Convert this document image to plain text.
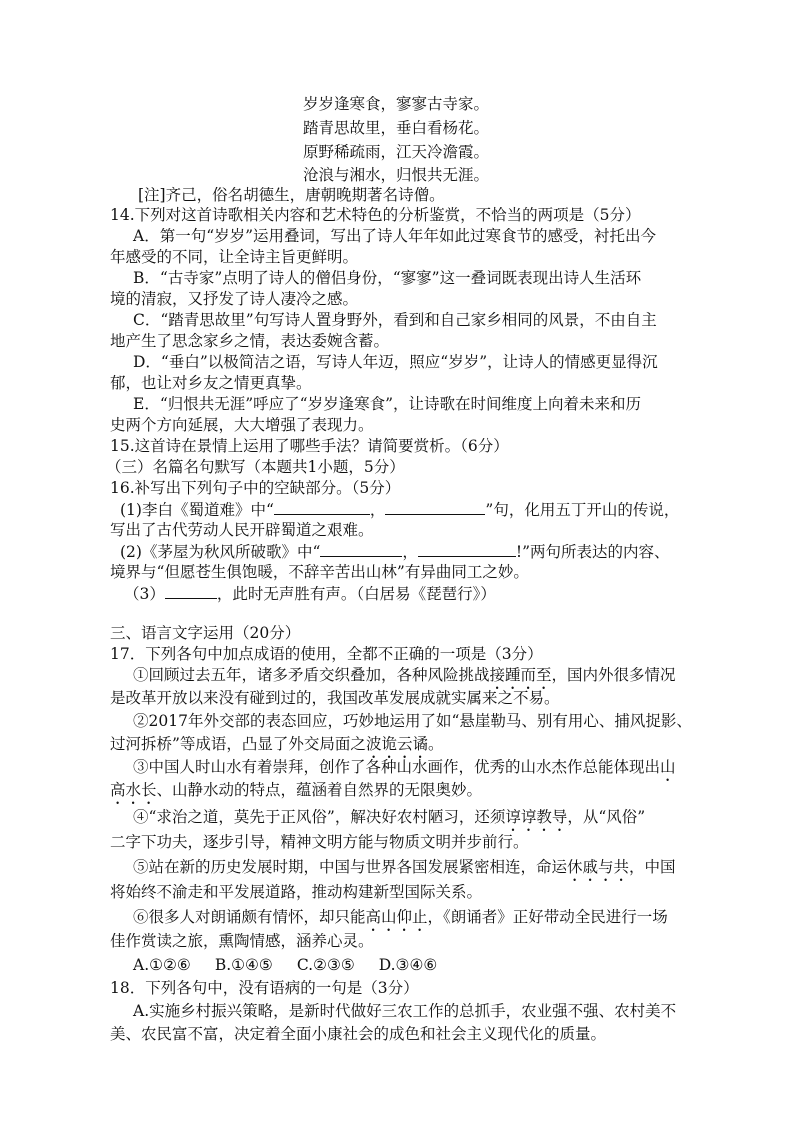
岁岁逢寒食，寥寥古寺家。
踏青思故里，垂白看杨花。
原野稀疏雨，江天冷澹霞。
沧浪与湘水，归恨共无涯。
[注]齐己，俗名胡德生，唐朝晚期著名诗僧。
14.下列对这首诗歌相关内容和艺术特色的分析鉴赏，不恰当的两项是（5分）
A．第一句“岁岁”运用叠词，写出了诗人年年如此过寒食节的感受，衬托出今
年感受的不同，让全诗主旨更鲜明。
B．“古寺家”点明了诗人的僧侣身份，“寥寥”这一叠词既表现出诗人生活环
境的清寂，又抒发了诗人凄冷之感。
C．“踏青思故里”句写诗人置身野外，看到和自己家乡相同的风景，不由自主
地产生了思念家乡之情，表达委婉含蓄。
D．“垂白”以极简洁之语，写诗人年迈，照应“岁岁”，让诗人的情感更显得沉
郁，也让对乡友之情更真挚。
E．“归恨共无涯”呼应了“岁岁逢寒食”，让诗歌在时间维度上向着未来和历
史两个方向延展，大大增强了表现力。
15.这首诗在景情上运用了哪些手法？请简要赏析。（6分）
（三）名篇名句默写（本题共1小题，5分）
16.补写出下列句子中的空缺部分。（5分）
(1)李白《蜀道难》中“	，	”句，化用五丁开山的传说，
写出了古代劳动人民开辟蜀道之艰难。
(2)《茅屋为秋风所破歌》中“	，	!”两句所表达的内容、
境界与“但愿苍生俱饱暖，不辞辛苦出山林”有异曲同工之妙。
（3）	，此时无声胜有声。（白居易《琵琶行》）
三、语言文字运用（20分）
17．下列各句中加点成语的使用，全都不正确的一项是（3分）
①回顾过去五年，诸多矛盾交织叠加，各种风险挑战接踵而至，国内外很多情况
是改革开放以来没有碰到过的，我国改革发展成就实属来之不易。
②2017年外交部的表态回应，巧妙地运用了如“悬崖勒马、别有用心、捕风捉影、
过河拆桥”等成语，凸显了外交局面之波诡云谲。
③中国人时山水有着崇拜，创作了各种山水画作，优秀的山水杰作总能体现出山
高水长、山静水动的特点，蕴涵着自然界的无限奥妙。
④“求治之道，莫先于正风俗”，解决好农村陋习，还须谆谆教导，从“风俗”
二字下功夫，逐步引导，精神文明方能与物质文明并步前行。
⑤站在新的历史发展时期，中国与世界各国发展紧密相连，命运休戚与共，中国
将始终不渝走和平发展道路，推动构建新型国际关系。
⑥很多人对朗诵颇有情怀，却只能高山仰止，《朗诵者》正好带动全民进行一场
佳作赏读之旅，熏陶情感，涵养心灵。
A.①②⑥ B.①④⑤ C.②③⑤ D.③④⑥
18．下列各句中，没有语病的一句是（3分）
A.实施乡村振兴策略，是新时代做好三农工作的总抓手，农业强不强、农村美不
美、农民富不富，决定着全面小康社会的成色和社会主义现代化的质量。
